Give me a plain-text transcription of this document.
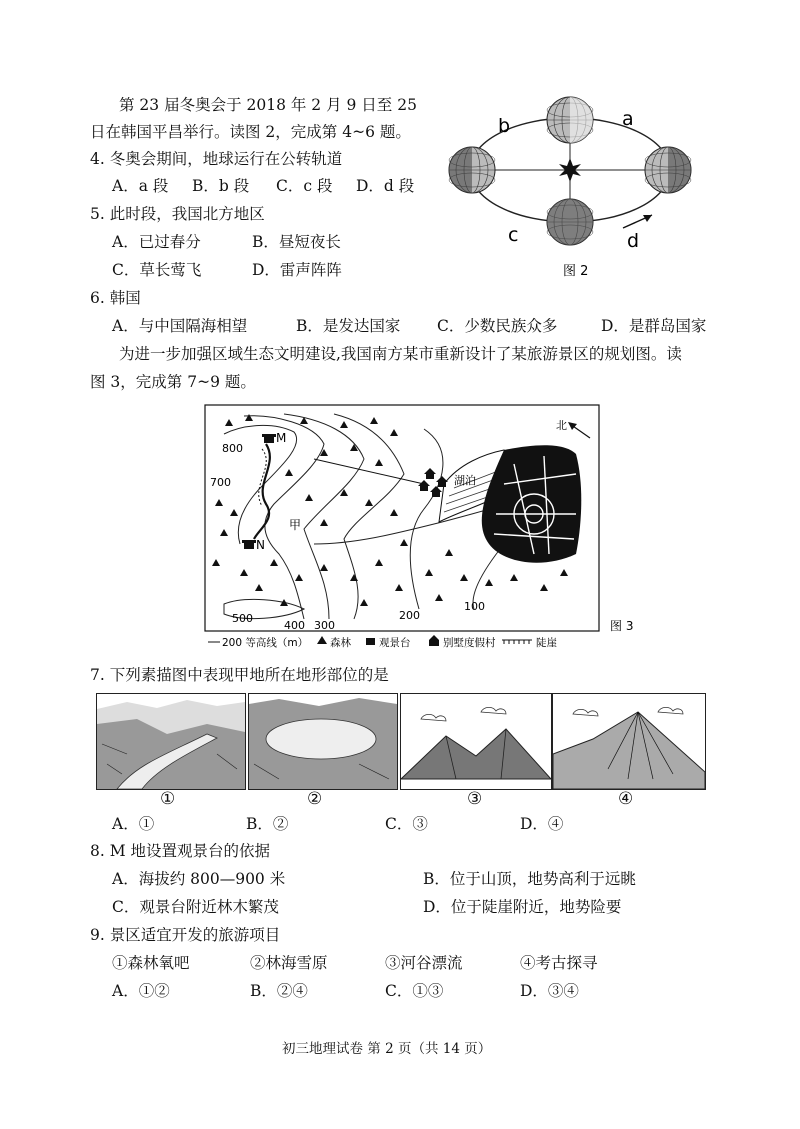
第 23 届冬奥会于 2018 年 2 月 9 日至 25
日在韩国平昌举行。读图 2，完成第 4~6 题。
4. 冬奥会期间，地球运行在公转轨道
A．a 段 B．b 段 C．c 段 D．d 段
5. 此时段，我国北方地区
A．已过春分	B．昼短夜长
C．草长莺飞	D．雷声阵阵
b	a
c	d
图 2
6. 韩国
A．与中国隔海相望	B．是发达国家 C．少数民族众多	D．是群岛国家
为进一步加强区域生态文明建设,我国南方某市重新设计了某旅游景区的规划图。读
图 3，完成第 7~9 题。
湖泊
M
N
甲
800
700
500
400 300
200
100
北
200 等高线（m） 森林	观景台	别墅度假村	陡崖
图 3
7. 下列素描图中表现甲地所在地形部位的是
①	②	③	④
A．①	B．②	C．③	D．④
8. M 地设置观景台的依据
A．海拔约 800—900 米	B．位于山顶，地势高利于远眺
C．观景台附近林木繁茂	D．位于陡崖附近，地势险要
9. 景区适宜开发的旅游项目
①森林氧吧	②林海雪原	③河谷漂流	④考古探寻
A．①②	B．②④	C．①③	D．③④
初三地理试卷 第 2 页（共 14 页）
